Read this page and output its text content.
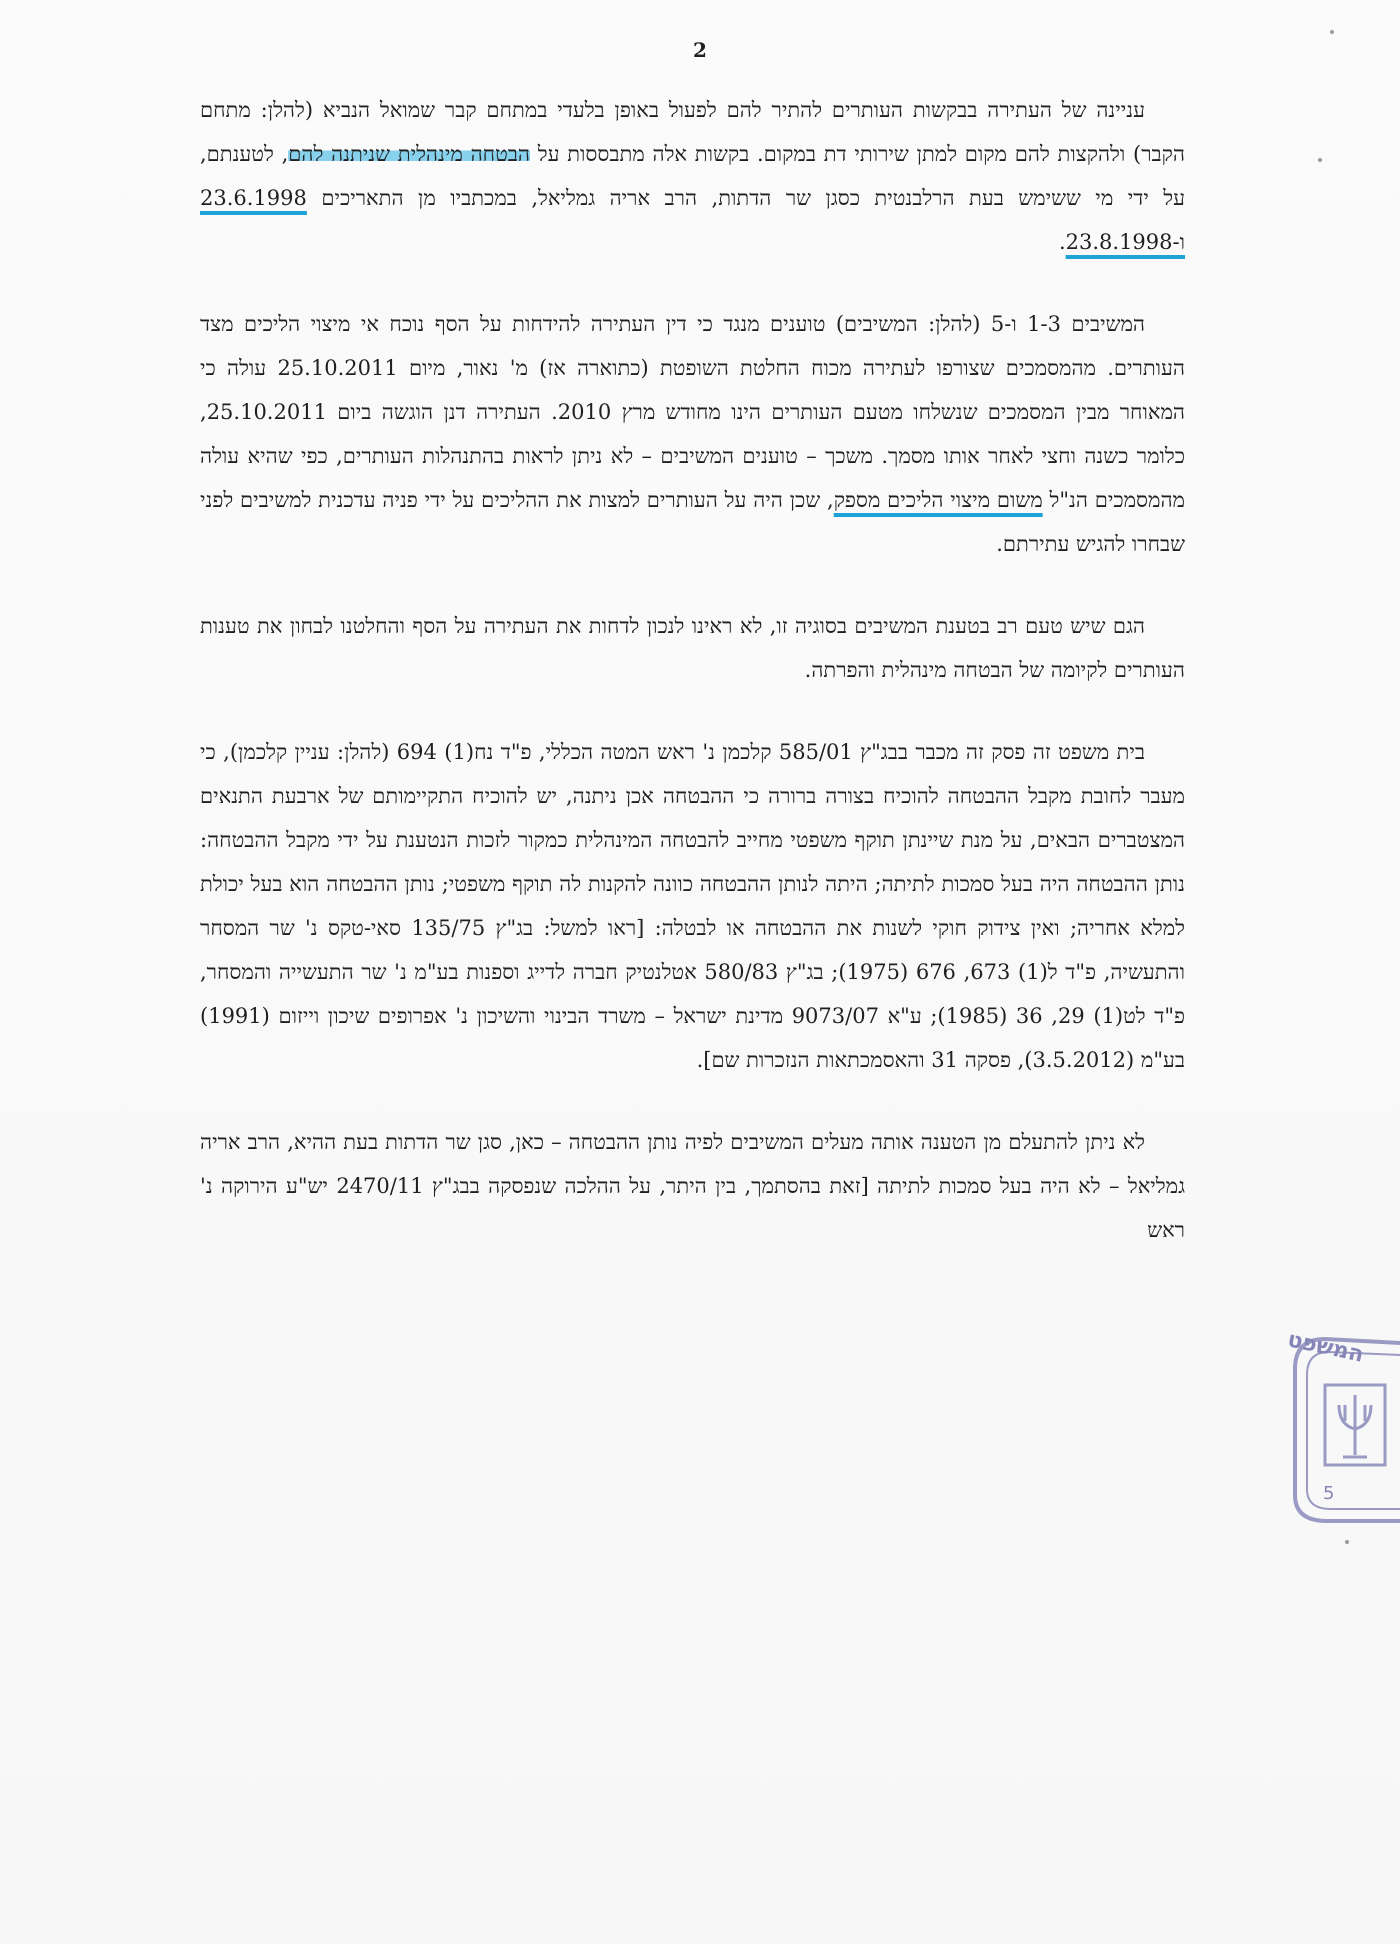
2

עניינה של העתירה בבקשות העותרים להתיר להם לפעול באופן בלעדי במתחם קבר שמואל הנביא (להלן: מתחם הקבר) ולהקצות להם מקום למתן שירותי דת במקום. בקשות אלה מתבססות על הבטחה מינהלית שניתנה להם, לטענתם, על ידי מי ששימש בעת הרלבנטית כסגן שר הדתות, הרב אריה גמליאל, במכתביו מן התאריכים 23.6.1998 ו-23.8.1998.

המשיבים 1-3 ו-5 (להלן: המשיבים) טוענים מנגד כי דין העתירה להידחות על הסף נוכח אי מיצוי הליכים מצד העותרים. מהמסמכים שצורפו לעתירה מכוח החלטת השופטת (כתוארה אז) מ' נאור, מיום 25.10.2011 עולה כי המאוחר מבין המסמכים שנשלחו מטעם העותרים הינו מחודש מרץ 2010. העתירה דנן הוגשה ביום 25.10.2011, כלומר כשנה וחצי לאחר אותו מסמך. משכך – טוענים המשיבים – לא ניתן לראות בהתנהלות העותרים, כפי שהיא עולה מהמסמכים הנ"ל משום מיצוי הליכים מספק, שכן היה על העותרים למצות את ההליכים על ידי פניה עדכנית למשיבים לפני שבחרו להגיש עתירתם.

הגם שיש טעם רב בטענת המשיבים בסוגיה זו, לא ראינו לנכון לדחות את העתירה על הסף והחלטנו לבחון את טענות העותרים לקיומה של הבטחה מינהלית והפרתה.

בית משפט זה פסק זה מכבר בבג"ץ 585/01 קלכמן נ' ראש המטה הכללי, פ"ד נח(1) 694 (להלן: עניין קלכמן), כי מעבר לחובת מקבל ההבטחה להוכיח בצורה ברורה כי ההבטחה אכן ניתנה, יש להוכיח התקיימותם של ארבעת התנאים המצטברים הבאים, על מנת שיינתן תוקף משפטי מחייב להבטחה המינהלית כמקור לזכות הנטענת על ידי מקבל ההבטחה: נותן ההבטחה היה בעל סמכות לתיתה; היתה לנותן ההבטחה כוונה להקנות לה תוקף משפטי; נותן ההבטחה הוא בעל יכולת למלא אחריה; ואין צידוק חוקי לשנות את ההבטחה או לבטלה: [ראו למשל: בג"ץ 135/75 סאי-טקס נ' שר המסחר והתעשיה, פ"ד ל(1) 673, 676 (1975); בג"ץ 580/83 אטלנטיק חברה לדייג וספנות בע"מ נ' שר התעשייה והמסחר, פ"ד לט(1) 29, 36 (1985); ע"א 9073/07 מדינת ישראל – משרד הבינוי והשיכון נ' אפרופים שיכון וייזום (1991) בע"מ (3.5.2012), פסקה 31 והאסמכתאות הנזכרות שם].

לא ניתן להתעלם מן הטענה אותה מעלים המשיבים לפיה נותן ההבטחה – כאן, סגן שר הדתות בעת ההיא, הרב אריה גמליאל – לא היה בעל סמכות לתיתה [זאת בהסתמך, בין היתר, על ההלכה שנפסקה בבג"ץ 2470/11 יש"ע הירוקה נ' ראש

המשפט
5
